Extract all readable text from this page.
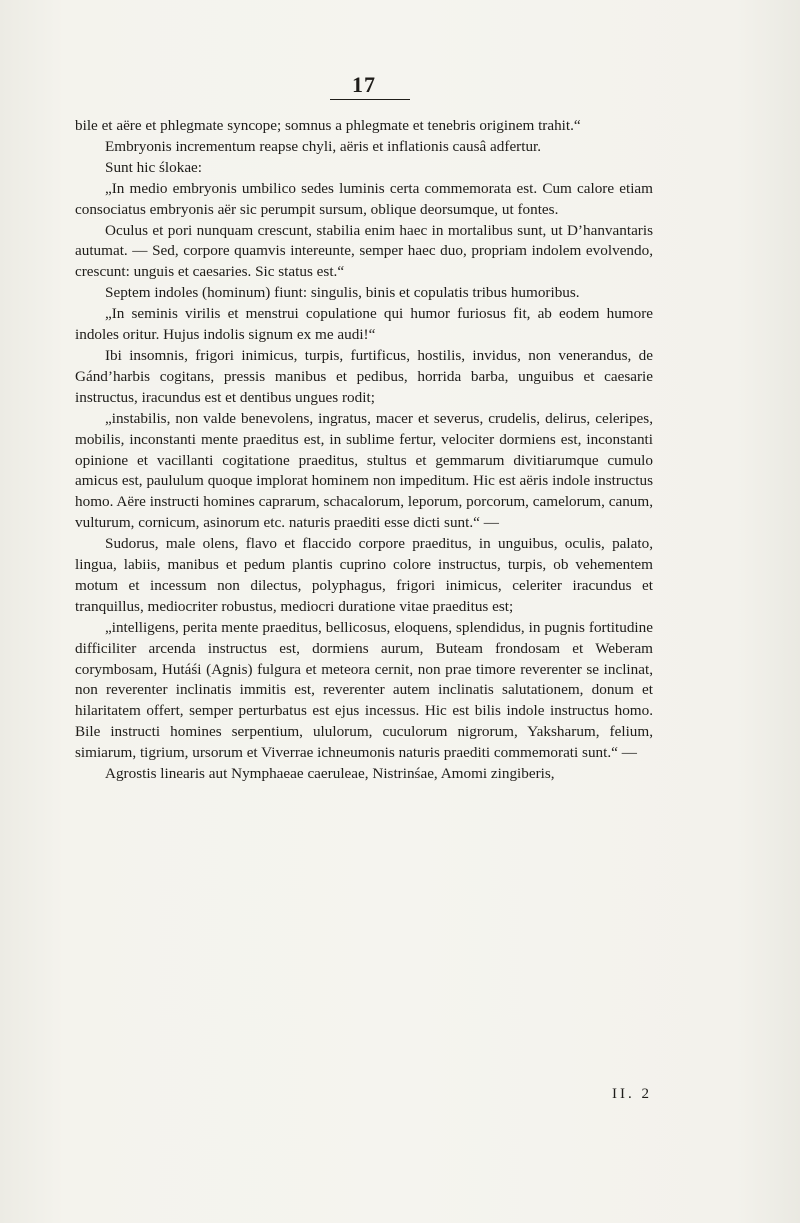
17

bile et aëre et phlegmate syncope; somnus a phlegmate et tenebris originem trahit.“

Embryonis incrementum reapse chyli, aëris et inflationis causâ adfertur.

Sunt hic ślokae:

„In medio embryonis umbilico sedes luminis certa commemorata est. Cum calore etiam consociatus embryonis aër sic perumpit sursum, oblique deorsumque, ut fontes.

Oculus et pori nunquam crescunt, stabilia enim haec in mortalibus sunt, ut D’hanvantaris autumat. — Sed, corpore quamvis intereunte, semper haec duo, propriam indolem evolvendo, crescunt: unguis et caesaries. Sic status est.“

Septem indoles (hominum) fiunt: singulis, binis et copulatis tribus humoribus.

„In seminis virilis et menstrui copulatione qui humor furiosus fit, ab eodem humore indoles oritur. Hujus indolis signum ex me audi!“

Ibi insomnis, frigori inimicus, turpis, furtificus, hostilis, invidus, non venerandus, de Gánd’harbis cogitans, pressis manibus et pedibus, horrida barba, unguibus et caesarie instructus, iracundus est et dentibus ungues rodit;

„instabilis, non valde benevolens, ingratus, macer et severus, crudelis, delirus, celeripes, mobilis, inconstanti mente praeditus est, in sublime fertur, velociter dormiens est, inconstanti opinione et vacillanti cogitatione praeditus, stultus et gemmarum divitiarumque cumulo amicus est, paululum quoque implorat hominem non impeditum. Hic est aëris indole instructus homo. Aëre instructi homines caprarum, schacalorum, leporum, porcorum, camelorum, canum, vulturum, cornicum, asinorum etc. naturis praediti esse dicti sunt.“ —

Sudorus, male olens, flavo et flaccido corpore praeditus, in unguibus, oculis, palato, lingua, labiis, manibus et pedum plantis cuprino colore instructus, turpis, ob vehementem motum et incessum non dilectus, polyphagus, frigori inimicus, celeriter iracundus et tranquillus, mediocriter robustus, mediocri duratione vitae praeditus est;

„intelligens, perita mente praeditus, bellicosus, eloquens, splendidus, in pugnis fortitudine difficiliter arcenda instructus est, dormiens aurum, Buteam frondosam et Weberam corymbosam, Hutáśi (Agnis) fulgura et meteora cernit, non prae timore reverenter se inclinat, non reverenter inclinatis immitis est, reverenter autem inclinatis salutationem, donum et hilaritatem offert, semper perturbatus est ejus incessus. Hic est bilis indole instructus homo. Bile instructi homines serpentium, ululorum, cuculorum nigrorum, Yaksharum, felium, simiarum, tigrium, ursorum et Viverrae ichneumonis naturis praediti commemorati sunt.“ —

Agrostis linearis aut Nymphaeae caeruleae, Nistrinśae, Amomi zingiberis,

II. 2
